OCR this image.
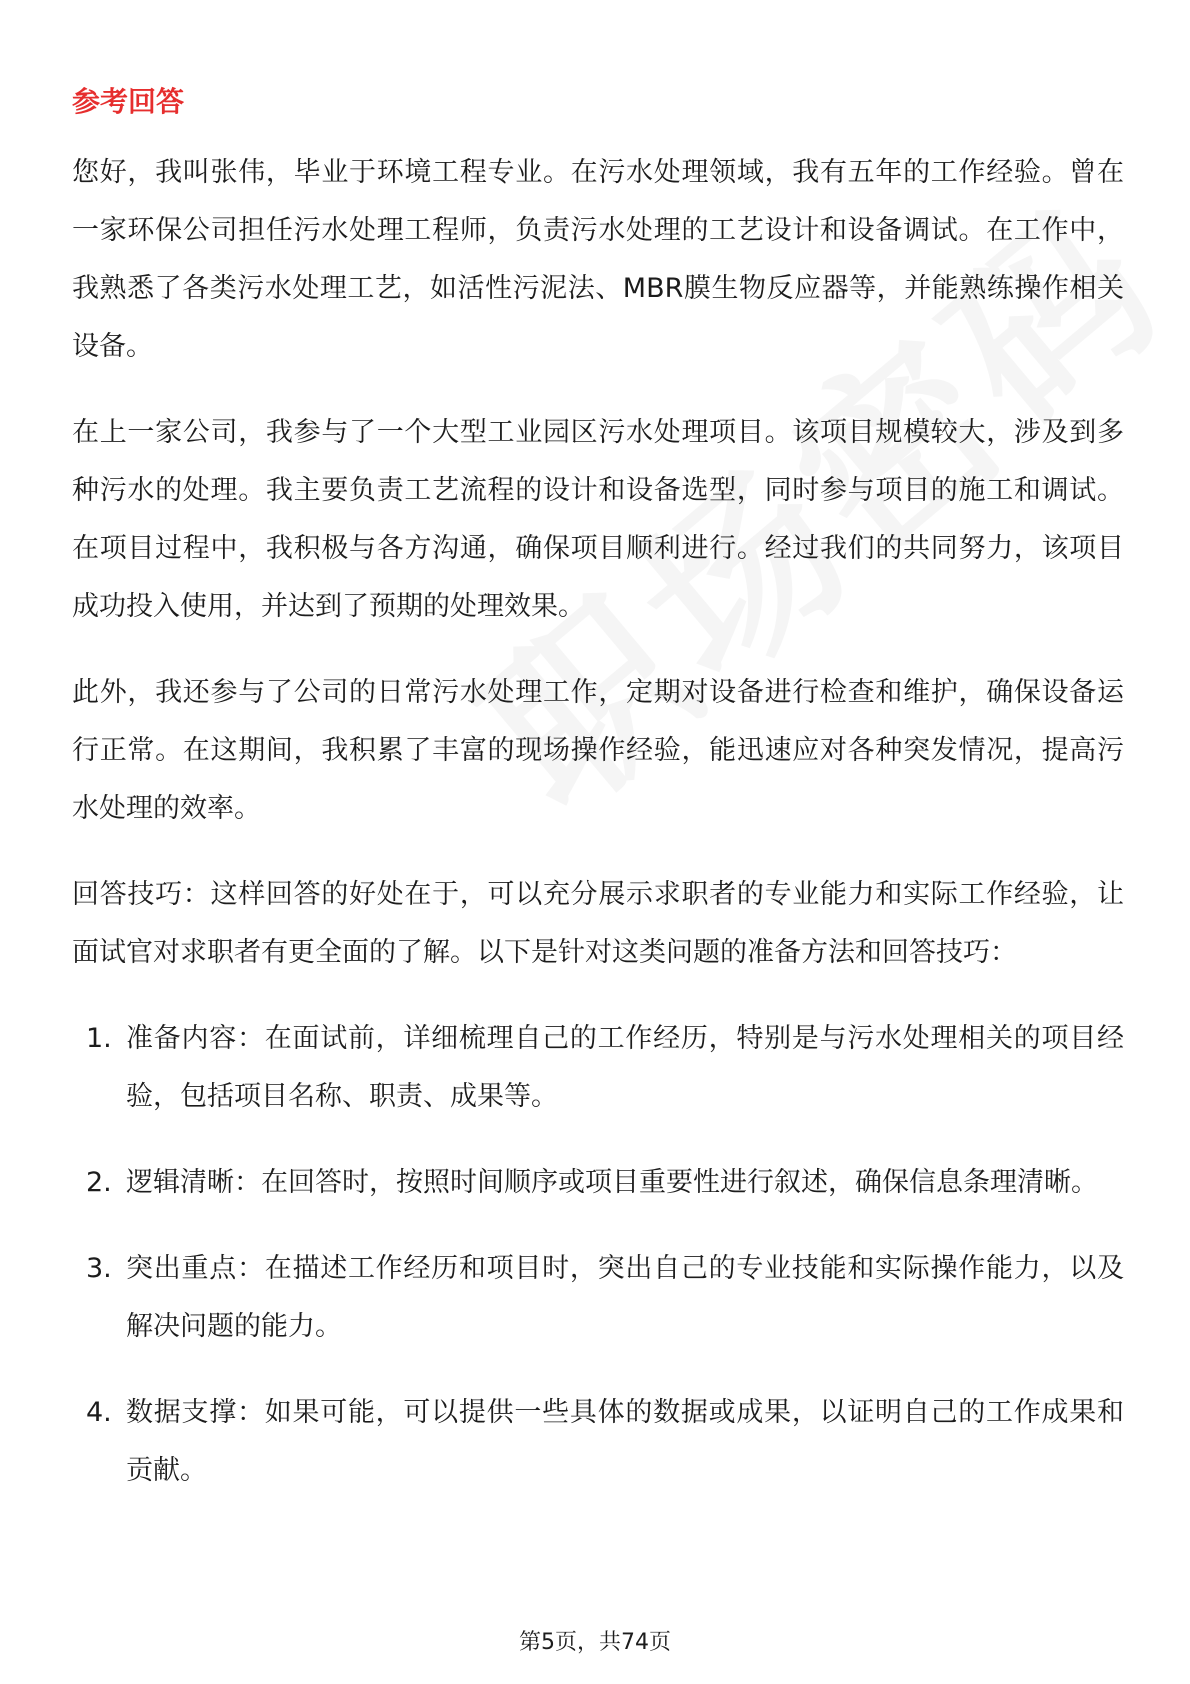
参考回答

您好，我叫张伟，毕业于环境工程专业。在污水处理领域，我有五年的工作经验。曾在一家环保公司担任污水处理工程师，负责污水处理的工艺设计和设备调试。在工作中，我熟悉了各类污水处理工艺，如活性污泥法、MBR膜生物反应器等，并能熟练操作相关设备。

在上一家公司，我参与了一个大型工业园区污水处理项目。该项目规模较大，涉及到多种污水的处理。我主要负责工艺流程的设计和设备选型，同时参与项目的施工和调试。在项目过程中，我积极与各方沟通，确保项目顺利进行。经过我们的共同努力，该项目成功投入使用，并达到了预期的处理效果。

此外，我还参与了公司的日常污水处理工作，定期对设备进行检查和维护，确保设备运行正常。在这期间，我积累了丰富的现场操作经验，能迅速应对各种突发情况，提高污水处理的效率。

回答技巧：这样回答的好处在于，可以充分展示求职者的专业能力和实际工作经验，让面试官对求职者有更全面的了解。以下是针对这类问题的准备方法和回答技巧：

1. 准备内容：在面试前，详细梳理自己的工作经历，特别是与污水处理相关的项目经验，包括项目名称、职责、成果等。
2. 逻辑清晰：在回答时，按照时间顺序或项目重要性进行叙述，确保信息条理清晰。
3. 突出重点：在描述工作经历和项目时，突出自己的专业技能和实际操作能力，以及解决问题的能力。
4. 数据支撑：如果可能，可以提供一些具体的数据或成果，以证明自己的工作成果和贡献。
第5页，共74页
